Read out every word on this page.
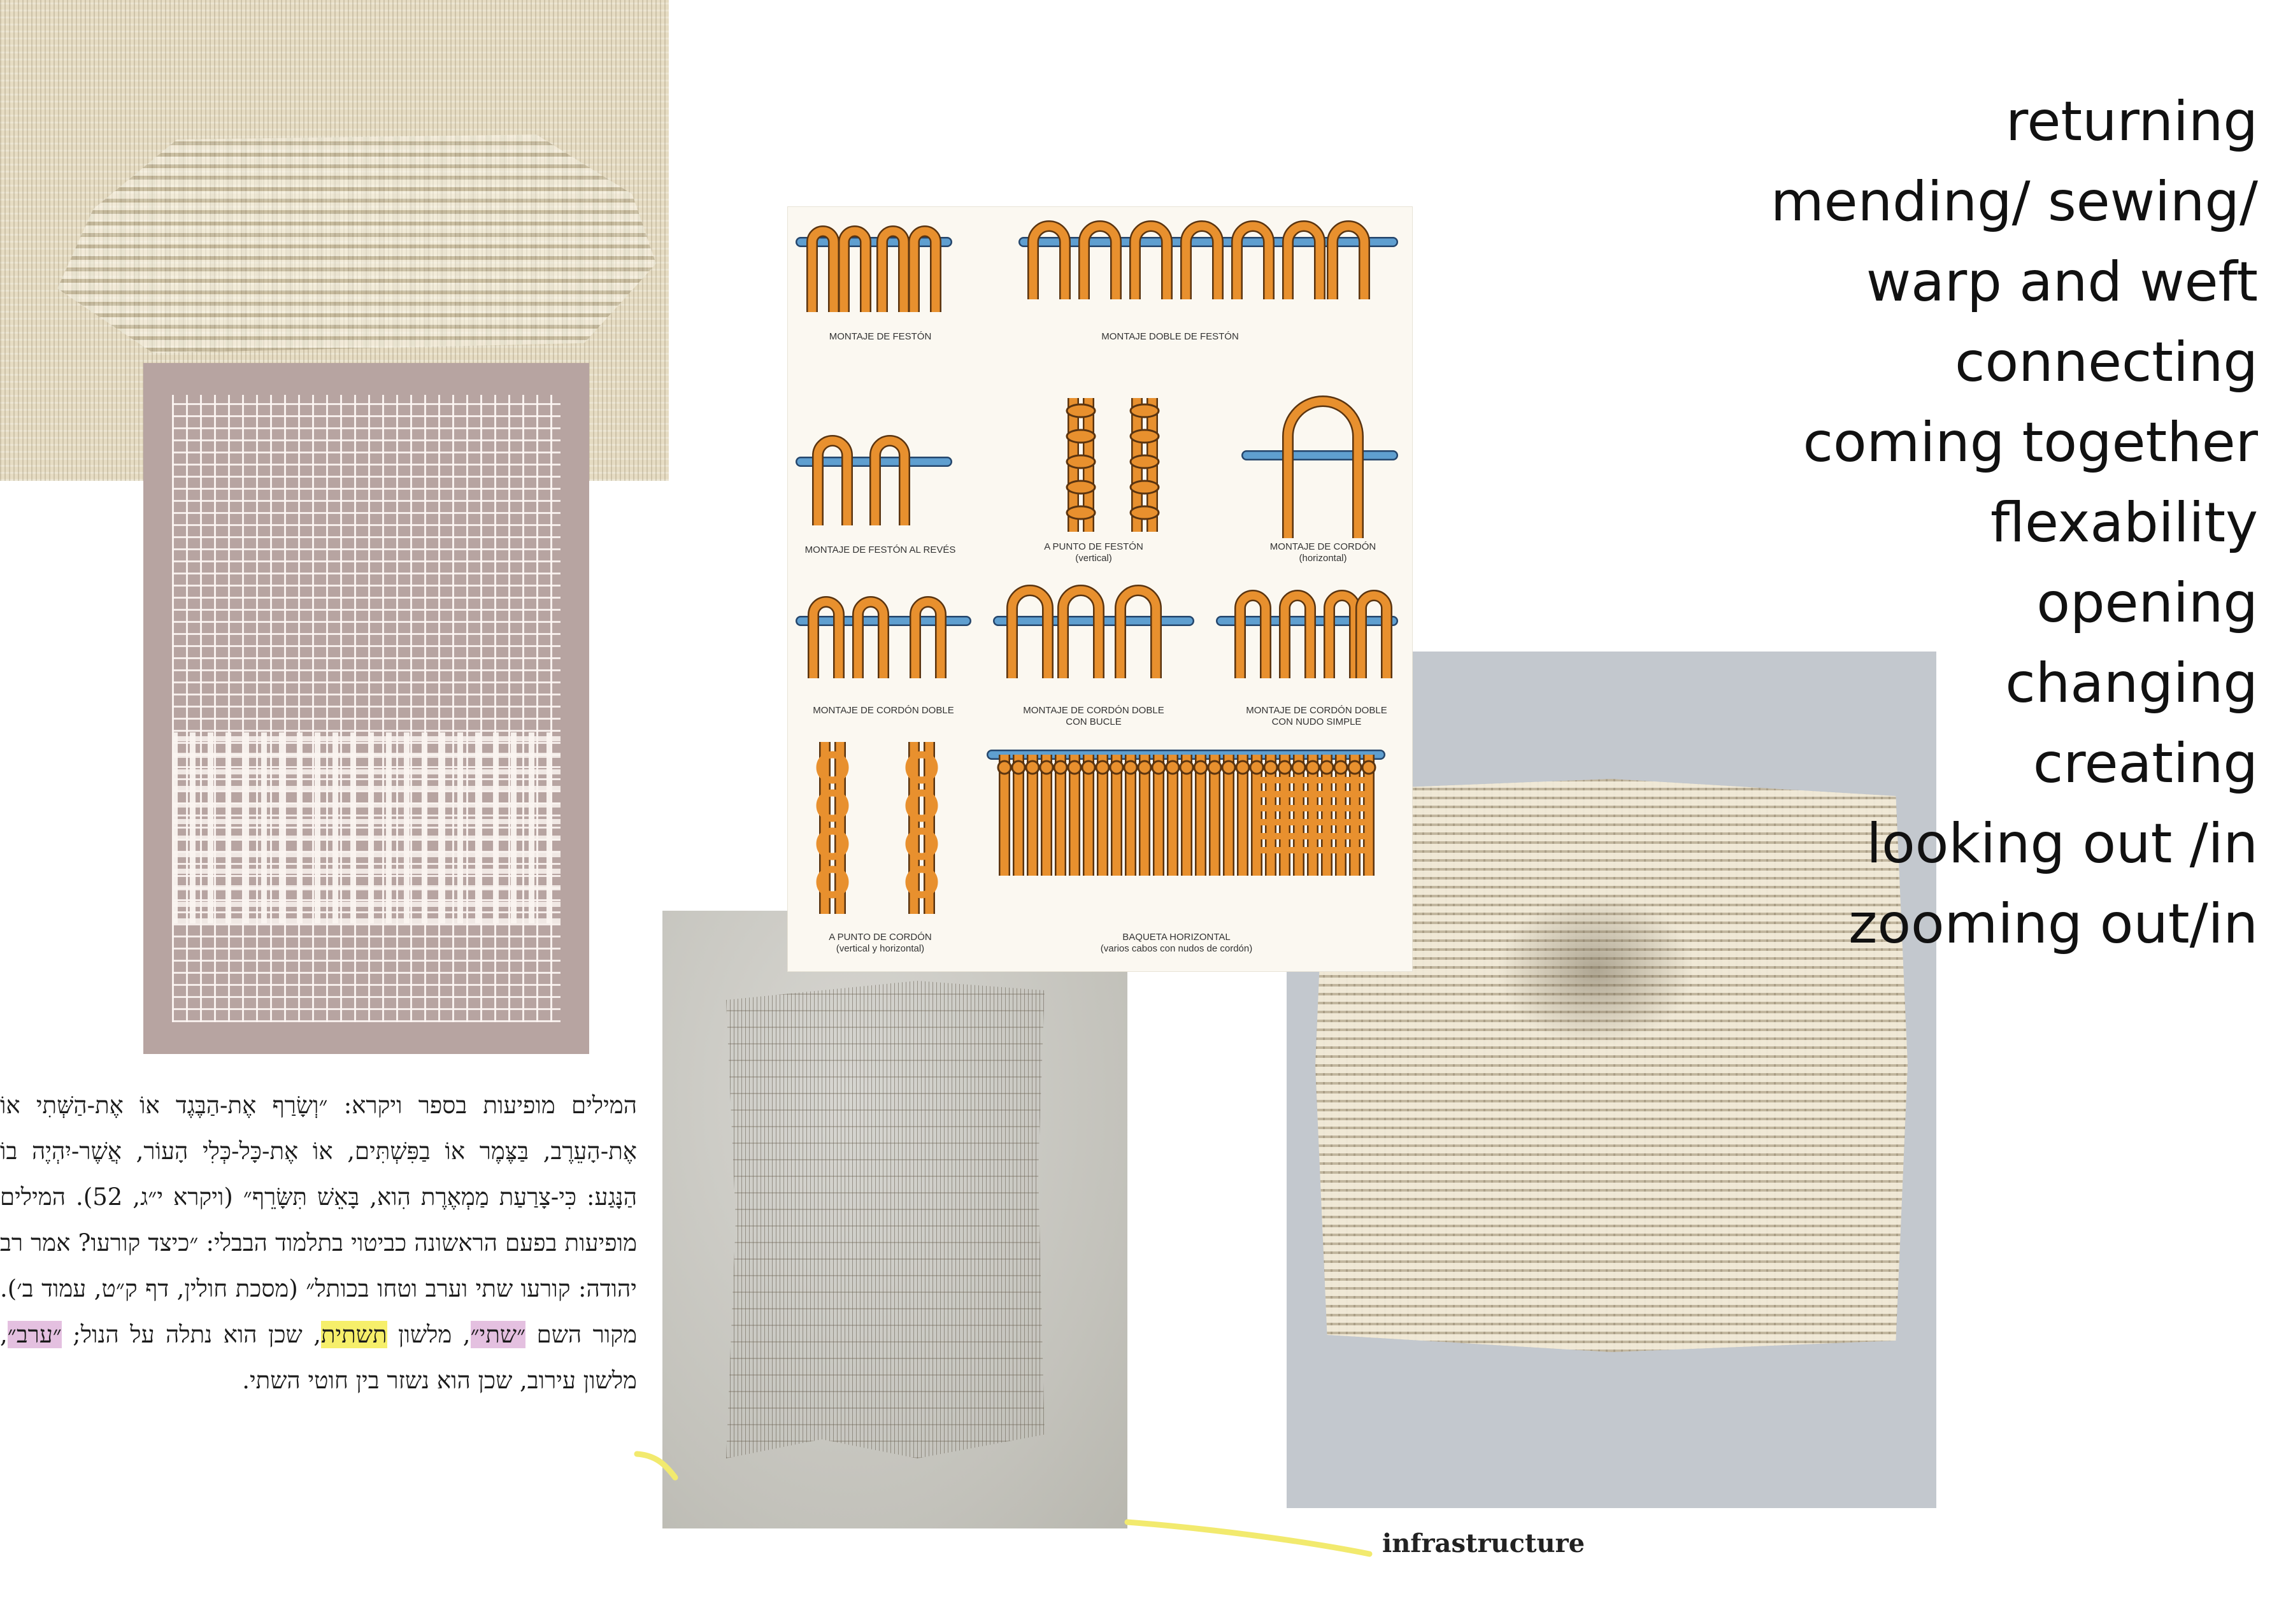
MONTAJE DE FESTÓN	MONTAJE DOBLE DE FESTÓN
MONTAJE DE FESTÓN AL REVÉS	A PUNTO DE FESTÓN
(vertical)
MONTAJE DE CORDÓN
(horizontal)
MONTAJE DE CORDÓN DOBLE	MONTAJE DE CORDÓN DOBLE
CON BUCLE
MONTAJE DE CORDÓN DOBLE
CON NUDO SIMPLE
A PUNTO DE CORDÓN
(vertical y horizontal)
BAQUETA HORIZONTAL
(varios cabos con nudos de cordón)
returning
mending/ sewing/
warp and weft
connecting
coming together
flexability
opening
changing
creating
looking out /in
zooming out/in

המילים מופיעות בספר ויקרא: ״וְשָׂרַף אֶת-הַבֶּגֶד אוֹ אֶת-הַשְּׁתִי אוֹ אֶת-הָעֵרֶב, בַּצֶּמֶר אוֹ בַפִּשְׁתִּים, אוֹ אֶת-כָּל-כְּלִי הָעוֹר, אֲשֶׁר-יִהְיֶה בוֹ הַנָּגַע: כִּי-צָרַעַת מַמְאֶרֶת הִוא, בָּאֵשׁ תִּשָּׂרֵף״ (ויקרא י״ג, 52). המילים מופיעות בפעם הראשונה כביטוי בתלמוד הבבלי: ״כיצד קורעו? אמר רב יהודה: קורעו שתי וערב וטחו בכותל״ (מסכת חולין, דף ק״ט, עמוד ב׳). מקור השם ״שתי״, מלשון תשתית, שכן הוא נתלה על הנול; ״ערב״, מלשון עירוב, שכן הוא נשזר בין חוטי השתי.

infrastructure
